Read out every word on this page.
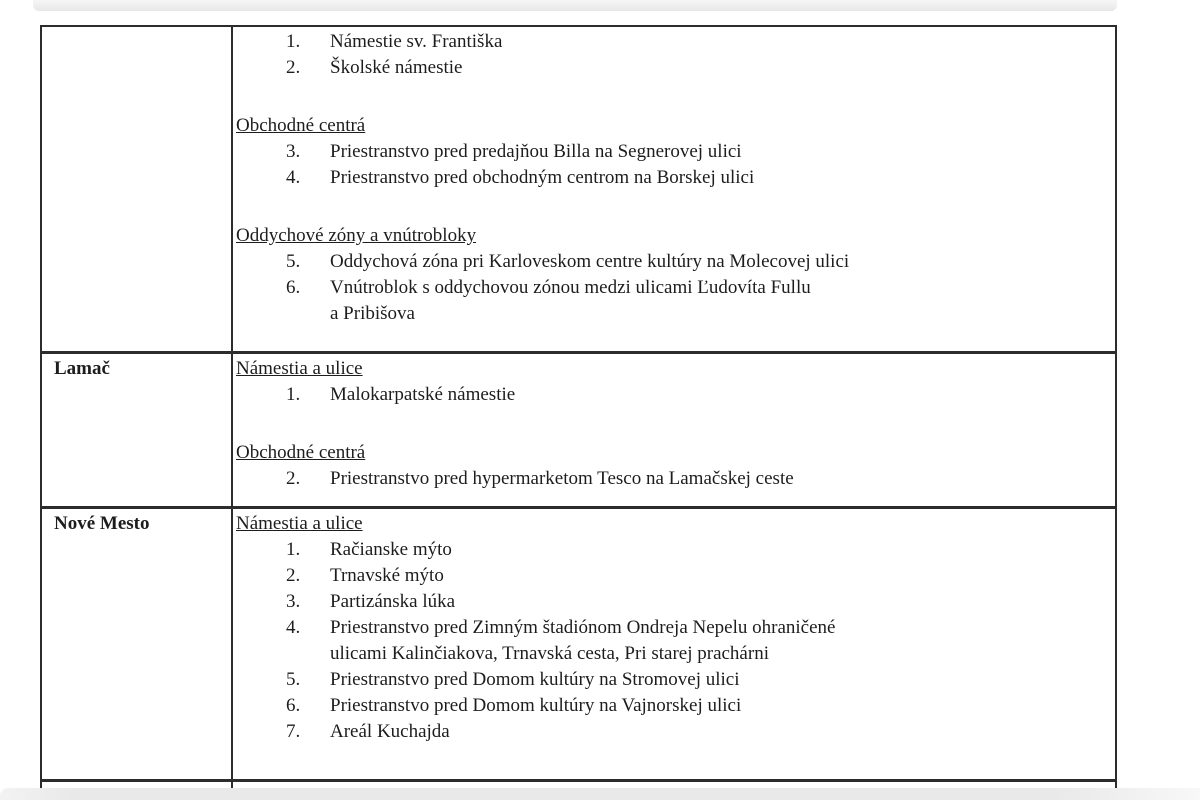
1. Námestie sv. Františka
2. Školské námestie
Obchodné centrá
3. Priestranstvo pred predajňou Billa na Segnerovej ulici
4. Priestranstvo pred obchodným centrom na Borskej ulici
Oddychové zóny a vnútrobloky
5. Oddychová zóna pri Karloveskom centre kultúry na Molecovej ulici
6. Vnútroblok s oddychovou zónou medzi ulicami Ľudovíta Fullu
a Pribišova
Lamač	Námestia a ulice
1. Malokarpatské námestie
Obchodné centrá
2. Priestranstvo pred hypermarketom Tesco na Lamačskej ceste
Nové Mesto	Námestia a ulice
1. Račianske mýto
2. Trnavské mýto
3. Partizánska lúka
4. Priestranstvo pred Zimným štadiónom Ondreja Nepelu ohraničené
ulicami Kalinčiakova, Trnavská cesta, Pri starej prachárni
5. Priestranstvo pred Domom kultúry na Stromovej ulici
6. Priestranstvo pred Domom kultúry na Vajnorskej ulici
7. Areál Kuchajda
